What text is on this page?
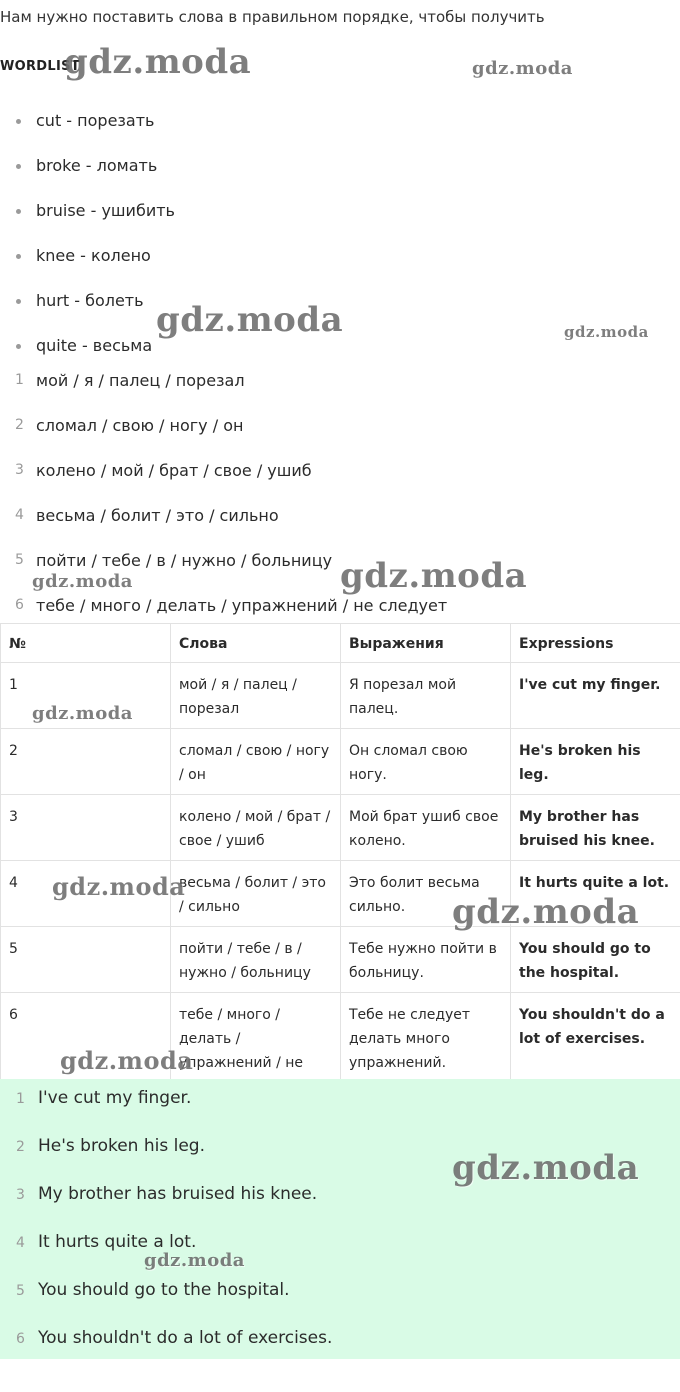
Нам нужно поставить слова в правильном порядке, чтобы получить
WORDLIST
cut - порезать
broke - ломать
bruise - ушибить
knee - колено
hurt - болеть
quite - весьма
1 мой / я / палец / порезал
2 сломал / свою / ногу / он
3 колено / мой / брат / свое / ушиб
4 весьма / болит / это / сильно
5 пойти / тебе / в / нужно / больницу
6 тебе / много / делать / упражнений / не следует
№	Слова	Выражения	Expressions
1	мой / я / палец / порезал	Я порезал мой палец.	I've cut my finger.
2	сломал / свою / ногу / он	Он сломал свою ногу.	He's broken his leg.
3	колено / мой / брат / свое / ушиб	Мой брат ушиб свое колено.	My brother has bruised his knee.
4	весьма / болит / это / сильно	Это болит весьма сильно.	It hurts quite a lot.
5	пойти / тебе / в / нужно / больницу	Тебе нужно пойти в больницу.	You should go to the hospital.
6	тебе / много / делать / упражнений / не	Тебе не следует делать много упражнений.	You shouldn't do a lot of exercises.
1 I've cut my finger.
2 He's broken his leg.
3 My brother has bruised his knee.
4 It hurts quite a lot.
5 You should go to the hospital.
6 You shouldn't do a lot of exercises.
gdz.moda	gdz.moda
gdz.moda	gdz.moda
gdz.moda
gdz.moda
gdz.moda
gdz.moda
gdz.moda
gdz.moda
gdz.moda
gdz.moda
